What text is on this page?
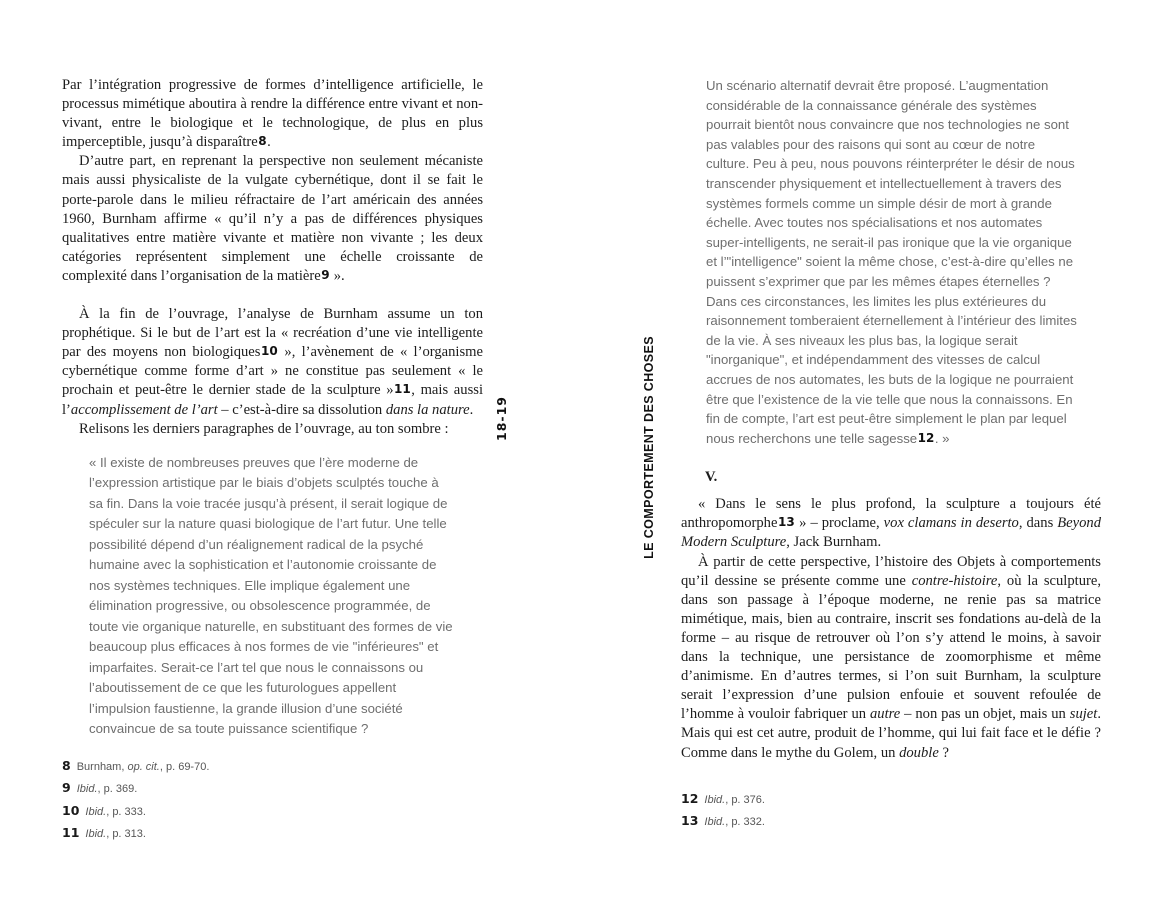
Par l’intégration progressive de formes d’intelligence artificielle, le processus mimétique aboutira à rendre la différence entre vivant et non-vivant, entre le biologique et le technologique, de plus en plus imperceptible, jusqu’à disparaître8.

D’autre part, en reprenant la perspective non seulement mécaniste mais aussi physicaliste de la vulgate cybernétique, dont il se fait le porte-parole dans le milieu réfractaire de l’art américain des années 1960, Burnham affirme « qu’il n’y a pas de différences physiques qualitatives entre matière vivante et matière non vivante ; les deux catégories représentent simplement une échelle croissante de complexité dans l’organisation de la matière9 ».

À la fin de l’ouvrage, l’analyse de Burnham assume un ton prophétique. Si le but de l’art est la « recréation d’une vie intelligente par des moyens non biologiques10 », l’avènement de « l’organisme cybernétique comme forme d’art » ne constitue pas seulement « le prochain et peut-être le dernier stade de la sculpture »11, mais aussi l’accomplissement de l’art – c’est-à-dire sa dissolution dans la nature.

Relisons les derniers paragraphes de l’ouvrage, au ton sombre :

« Il existe de nombreuses preuves que l’ère moderne de l’expression artistique par le biais d’objets sculptés touche à sa fin. Dans la voie tracée jusqu’à présent, il serait logique de spéculer sur la nature quasi biologique de l’art futur. Une telle possibilité dépend d’un réalignement radical de la psyché humaine avec la sophistication et l’autonomie croissante de nos systèmes techniques. Elle implique également une élimination progressive, ou obsolescence programmée, de toute vie organique naturelle, en substituant des formes de vie beaucoup plus efficaces à nos formes de vie "inférieures" et imparfaites. Serait-ce l’art tel que nous le connaissons ou l’aboutissement de ce que les futurologues appellent l’impulsion faustienne, la grande illusion d’une société convaincue de sa toute puissance scientifique ?
8 Burnham, op. cit., p. 69-70.
9 Ibid., p. 369.
10 Ibid., p. 333.
11 Ibid., p. 313.
18-19	LE COMPORTEMENT DES CHOSES
Un scénario alternatif devrait être proposé. L’augmentation considérable de la connaissance générale des systèmes pourrait bientôt nous convaincre que nos technologies ne sont pas valables pour des raisons qui sont au cœur de notre culture. Peu à peu, nous pouvons réinterpréter le désir de nous transcender physiquement et intellectuellement à travers des systèmes formels comme un simple désir de mort à grande échelle. Avec toutes nos spécialisations et nos automates super-intelligents, ne serait-il pas ironique que la vie organique et l’"intelligence" soient la même chose, c’est-à-dire qu’elles ne puissent s’exprimer que par les mêmes étapes éternelles ? Dans ces circonstances, les limites les plus extérieures du raisonnement tomberaient éternellement à l’intérieur des limites de la vie. À ses niveaux les plus bas, la logique serait "inorganique", et indépendamment des vitesses de calcul accrues de nos automates, les buts de la logique ne pourraient être que l’existence de la vie telle que nous la connaissons. En fin de compte, l’art est peut-être simplement le plan par lequel nous recherchons une telle sagesse12. »
V.

« Dans le sens le plus profond, la sculpture a toujours été anthropomorphe13 » – proclame, vox clamans in deserto, dans Beyond Modern Sculpture, Jack Burnham.

À partir de cette perspective, l’histoire des Objets à comportements qu’il dessine se présente comme une contre-histoire, où la sculpture, dans son passage à l’époque moderne, ne renie pas sa matrice mimétique, mais, bien au contraire, inscrit ses fondations au-delà de la forme – au risque de retrouver où l’on s’y attend le moins, à savoir dans la technique, une persistance de zoomorphisme et même d’animisme. En d’autres termes, si l’on suit Burnham, la sculpture serait l’expression d’une pulsion enfouie et souvent refoulée de l’homme à vouloir fabriquer un autre – non pas un objet, mais un sujet. Mais qui est cet autre, produit de l’homme, qui lui fait face et le défie ? Comme dans le mythe du Golem, un double ?

12 Ibid., p. 376.
13 Ibid., p. 332.
